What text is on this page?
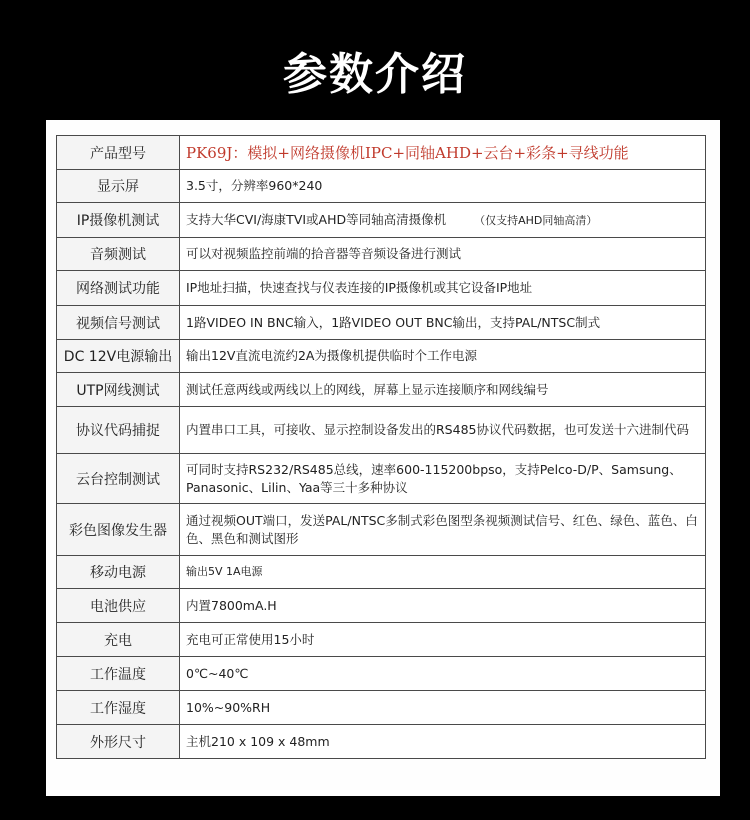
参数介绍
产品型号	PK69J：模拟+网络摄像机IPC+同轴AHD+云台+彩条+寻线功能
显示屏	3.5寸，分辨率960*240
IP摄像机测试	支持大华CVI/海康TVI或AHD等同轴高清摄像机 （仅支持AHD同轴高清）
音频测试	可以对视频监控前端的拾音器等音频设备进行测试
网络测试功能	IP地址扫描，快速查找与仪表连接的IP摄像机或其它设备IP地址
视频信号测试	1路VIDEO IN BNC输入，1路VIDEO OUT BNC输出，支持PAL/NTSC制式
DC 12V电源输出	输出12V直流电流约2A为摄像机提供临时个工作电源
UTP网线测试	测试任意两线或两线以上的网线，屏幕上显示连接顺序和网线编号
协议代码捕捉	内置串口工具，可接收、显示控制设备发出的RS485协议代码数据，也可发送十六进制代码
云台控制测试	可同时支持RS232/RS485总线，速率600-115200bpso，支持Pelco-D/P、Samsung、Panasonic、Lilin、Yaa等三十多种协议
彩色图像发生器	通过视频OUT端口，发送PAL/NTSC多制式彩色图型条视频测试信号、红色、绿色、蓝色、白色、黑色和测试图形
移动电源	输出5V 1A电源
电池供应	内置7800mA.H
充电	充电可正常使用15小时
工作温度	0℃~40℃
工作湿度	10%~90%RH
外形尺寸	主机210 x 109 x 48mm
